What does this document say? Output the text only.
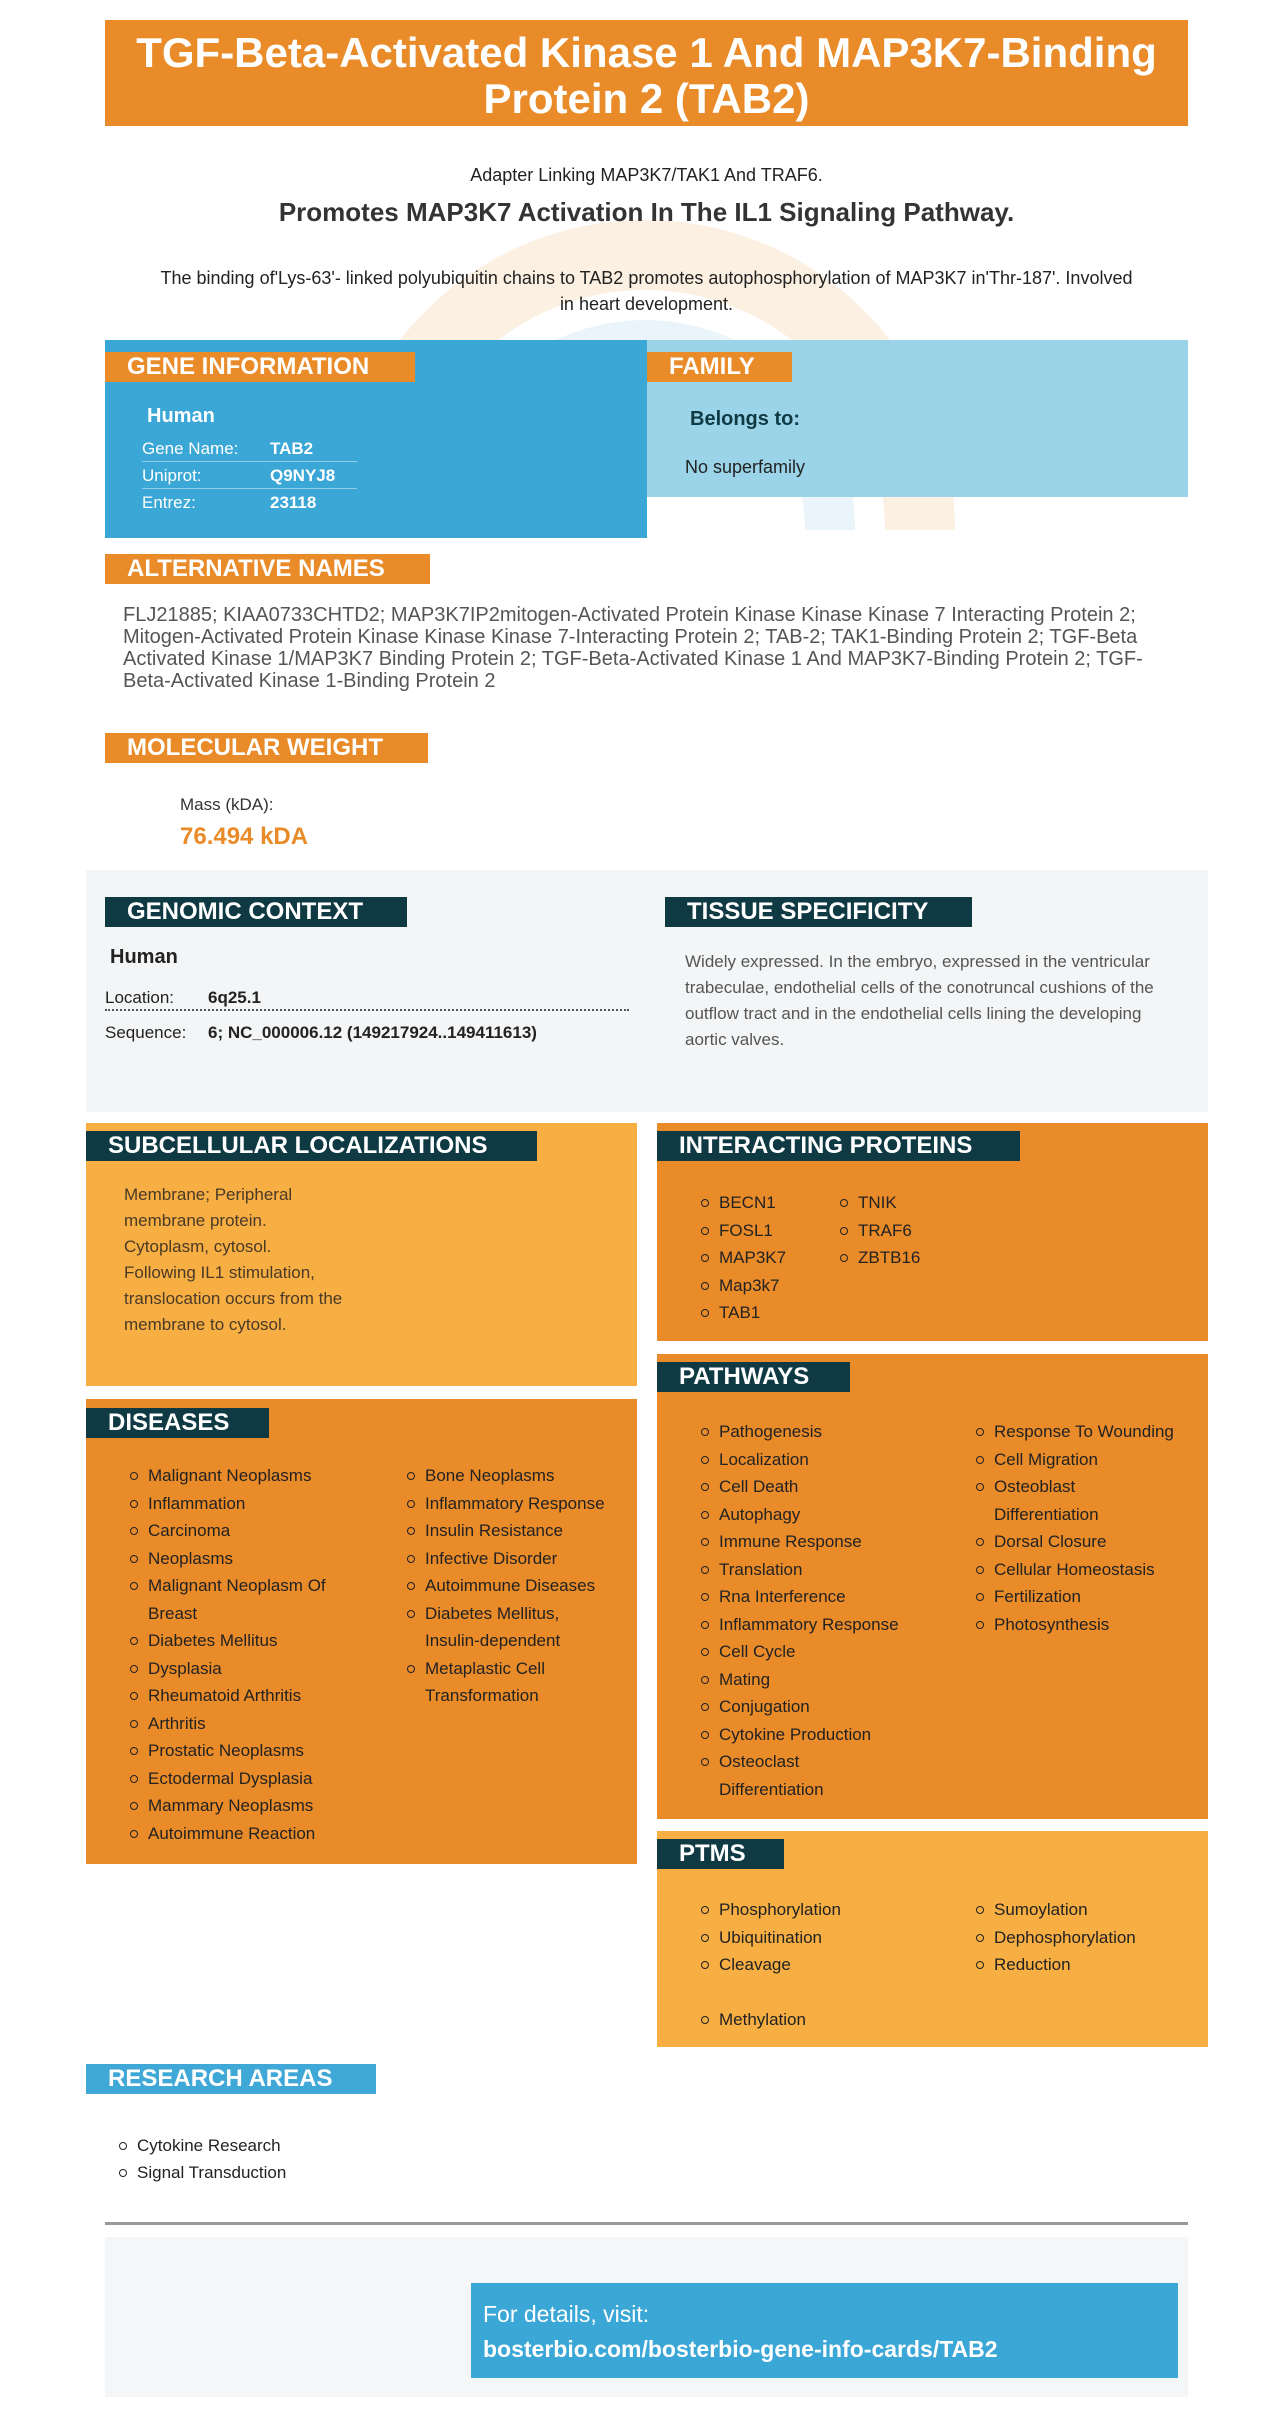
TGF-Beta-Activated Kinase 1 And MAP3K7-Binding Protein 2 (TAB2)
Adapter Linking MAP3K7/TAK1 And TRAF6.
Promotes MAP3K7 Activation In The IL1 Signaling Pathway.
The binding of'Lys-63'- linked polyubiquitin chains to TAB2 promotes autophosphorylation of MAP3K7 in'Thr-187'. Involved in heart development.
GENE INFORMATION
Human
Gene Name: TAB2
Uniprot:	Q9NYJ8
Entrez:	23118
FAMILY
Belongs to:
No superfamily
ALTERNATIVE NAMES
FLJ21885; KIAA0733CHTD2; MAP3K7IP2mitogen-Activated Protein Kinase Kinase Kinase 7 Interacting Protein 2; Mitogen-Activated Protein Kinase Kinase Kinase 7-Interacting Protein 2; TAB-2; TAK1-Binding Protein 2; TGF-Beta Activated Kinase 1/MAP3K7 Binding Protein 2; TGF-Beta-Activated Kinase 1 And MAP3K7-Binding Protein 2; TGF-Beta-Activated Kinase 1-Binding Protein 2
MOLECULAR WEIGHT
Mass (kDA):
76.494 kDA
GENOMIC CONTEXT
Human
Location: 6q25.1
Sequence: 6; NC_000006.12 (149217924..149411613)
TISSUE SPECIFICITY
Widely expressed. In the embryo, expressed in the ventricular trabeculae, endothelial cells of the conotruncal cushions of the outflow tract and in the endothelial cells lining the developing aortic valves.
SUBCELLULAR LOCALIZATIONS
Membrane; Peripheral membrane protein. Cytoplasm, cytosol. Following IL1 stimulation, translocation occurs from the membrane to cytosol.
DISEASES
Malignant Neoplasms
Inflammation
Carcinoma
Neoplasms
Malignant Neoplasm Of Breast
Diabetes Mellitus
Dysplasia
Rheumatoid Arthritis
Arthritis
Prostatic Neoplasms
Ectodermal Dysplasia
Mammary Neoplasms
Autoimmune Reaction
Bone Neoplasms
Inflammatory Response
Insulin Resistance
Infective Disorder
Autoimmune Diseases
Diabetes Mellitus, Insulin-dependent
Metaplastic Cell Transformation
INTERACTING PROTEINS
BECN1
FOSL1
MAP3K7
Map3k7
TAB1
TNIK
TRAF6
ZBTB16
PATHWAYS
Pathogenesis
Localization
Cell Death
Autophagy
Immune Response
Translation
Rna Interference
Inflammatory Response
Cell Cycle
Mating
Conjugation
Cytokine Production
Osteoclast Differentiation
Response To Wounding
Cell Migration
Osteoblast Differentiation
Dorsal Closure
Cellular Homeostasis
Fertilization
Photosynthesis
PTMS
Phosphorylation
Ubiquitination
Cleavage
Sumoylation
Dephosphorylation
Reduction
Methylation
RESEARCH AREAS
Cytokine Research
Signal Transduction
For details, visit:
bosterbio.com/bosterbio-gene-info-cards/TAB2
